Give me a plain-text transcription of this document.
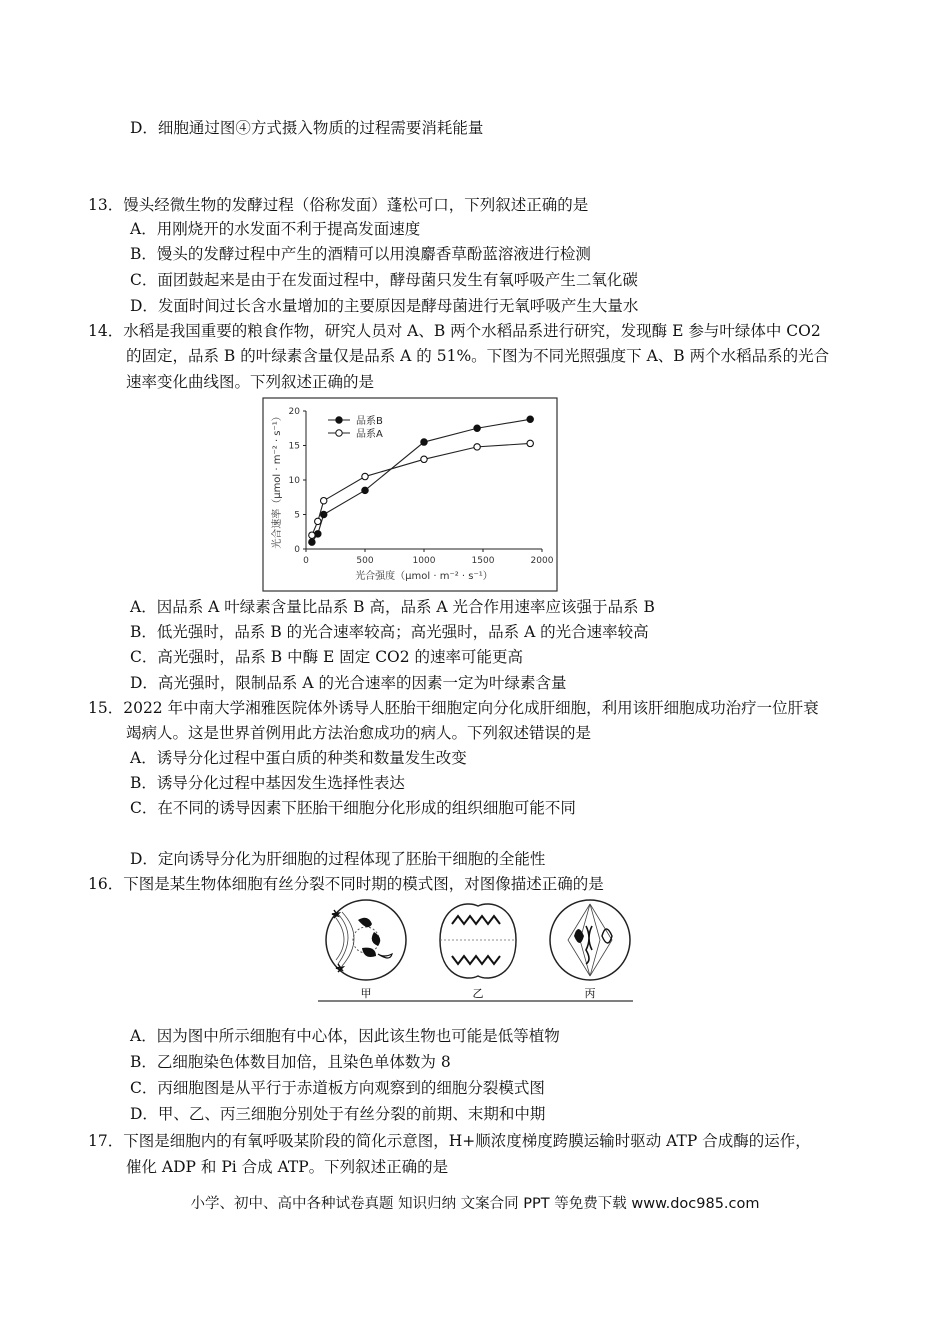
D．细胞通过图④方式摄入物质的过程需要消耗能量
13．馒头经微生物的发酵过程（俗称发面）蓬松可口，下列叙述正确的是
A．用刚烧开的水发面不利于提高发面速度
B．馒头的发酵过程中产生的酒精可以用溴麝香草酚蓝溶液进行检测
C．面团鼓起来是由于在发面过程中，酵母菌只发生有氧呼吸产生二氧化碳
D．发面时间过长含水量增加的主要原因是酵母菌进行无氧呼吸产生大量水
14．水稻是我国重要的粮食作物，研究人员对 A、B 两个水稻品系进行研究，发现酶 E 参与叶绿体中 CO2
的固定，品系 B 的叶绿素含量仅是品系 A 的 51%。下图为不同光照强度下 A、B 两个水稻品系的光合
速率变化曲线图。下列叙述正确的是
0	500	1000	1500	2000
0
5
10
15
20
光合强度（μmol · m⁻² · s⁻¹）
光合速率（μmol · m⁻² · s⁻¹）	品系B
品系A
A．因品系 A 叶绿素含量比品系 B 高，品系 A 光合作用速率应该强于品系 B
B．低光强时，品系 B 的光合速率较高；高光强时，品系 A 的光合速率较高
C．高光强时，品系 B 中酶 E 固定 CO2 的速率可能更高
D．高光强时，限制品系 A 的光合速率的因素一定为叶绿素含量
15．2022 年中南大学湘雅医院体外诱导人胚胎干细胞定向分化成肝细胞，利用该肝细胞成功治疗一位肝衰
竭病人。这是世界首例用此方法治愈成功的病人。下列叙述错误的是
A．诱导分化过程中蛋白质的种类和数量发生改变
B．诱导分化过程中基因发生选择性表达
C．在不同的诱导因素下胚胎干细胞分化形成的组织细胞可能不同
D．定向诱导分化为肝细胞的过程体现了胚胎干细胞的全能性
16．下图是某生物体细胞有丝分裂不同时期的模式图，对图像描述正确的是
甲	乙	丙
A．因为图中所示细胞有中心体，因此该生物也可能是低等植物
B．乙细胞染色体数目加倍，且染色单体数为 8
C．丙细胞图是从平行于赤道板方向观察到的细胞分裂模式图
D．甲、乙、丙三细胞分别处于有丝分裂的前期、末期和中期
17．下图是细胞内的有氧呼吸某阶段的简化示意图，H+顺浓度梯度跨膜运输时驱动 ATP 合成酶的运作，
催化 ADP 和 Pi 合成 ATP。下列叙述正确的是
小学、初中、高中各种试卷真题 知识归纳 文案合同 PPT 等免费下载 www.doc985.com
